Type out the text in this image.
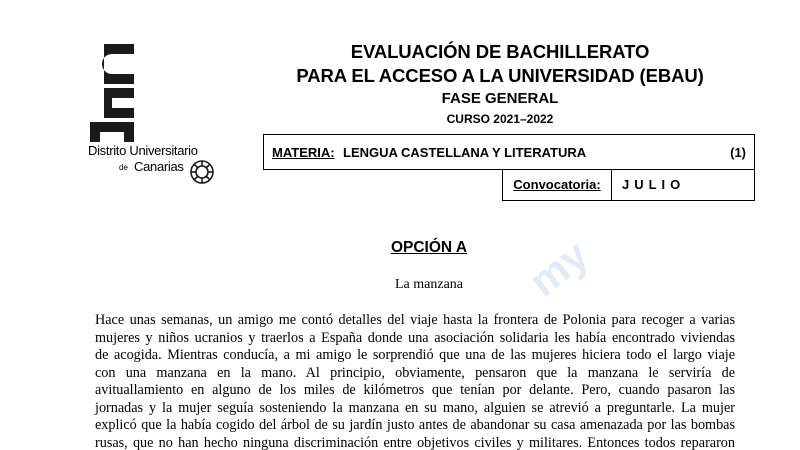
Distrito Universitario
de Canarias
EVALUACIÓN DE BACHILLERATO
PARA EL ACCESO A LA UNIVERSIDAD (EBAU)
FASE GENERAL
CURSO 2021–2022
MATERIA: LENGUA CASTELLANA Y LITERATURA	(1)
Convocatoria:	JULIO
my
OPCIÓN A
La manzana
Hace unas semanas, un amigo me contó detalles del viaje hasta la frontera de Polonia para recoger a varias
mujeres y niños ucranios y traerlos a España donde una asociación solidaria les había encontrado viviendas
de acogida. Mientras conducía, a mi amigo le sorprendió que una de las mujeres hiciera todo el largo viaje
con una manzana en la mano. Al principio, obviamente, pensaron que la manzana le serviría de
avituallamiento en alguno de los miles de kilómetros que tenían por delante. Pero, cuando pasaron las
jornadas y la mujer seguía sosteniendo la manzana en su mano, alguien se atrevió a preguntarle. La mujer
explicó que la había cogido del árbol de su jardín justo antes de abandonar su casa amenazada por las bombas
rusas, que no han hecho ninguna discriminación entre objetivos civiles y militares. Entonces todos repararon
